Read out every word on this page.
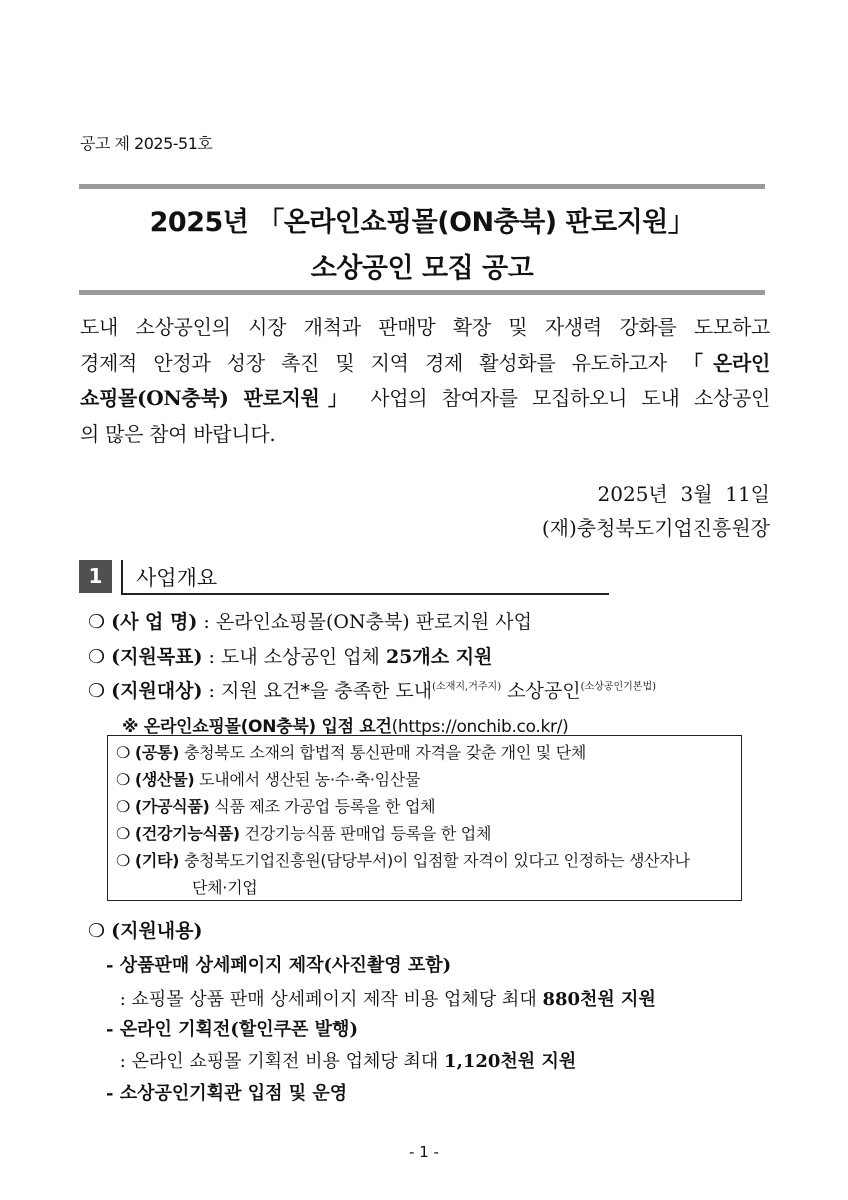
공고 제 2025-51호
2025년 「온라인쇼핑몰(ON충북) 판로지원」
소상공인 모집 공고
도내 소상공인의 시장 개척과 판매망 확장 및 자생력 강화를 도모하고
경제적 안정과 성장 촉진 및 지역 경제 활성화를 유도하고자 「온라인
쇼핑몰(ON충북) 판로지원」 사업의 참여자를 모집하오니 도내 소상공인
의 많은 참여 바랍니다.
2025년  3월  11일
(재)충청북도기업진흥원장
1	사업개요
❍ (사 업 명) : 온라인쇼핑몰(ON충북) 판로지원 사업
❍ (지원목표) : 도내 소상공인 업체 25개소 지원
❍ (지원대상) : 지원 요건*을 충족한 도내$^{(소재지,거주지)}$ 소상공인$^{(소상공인기본법)}$
※ 온라인쇼핑몰(ON충북) 입점 요건(https://onchib.co.kr/)
❍ (공통) 충청북도 소재의 합법적 통신판매 자격을 갖춘 개인 및 단체
❍ (생산물) 도내에서 생산된 농·수·축·임산물
❍ (가공식품) 식품 제조 가공업 등록을 한 업체
❍ (건강기능식품) 건강기능식품 판매업 등록을 한 업체
❍ (기타) 충청북도기업진흥원(담당부서)이 입점할 자격이 있다고 인정하는 생산자나
단체·기업
❍ (지원내용)
- 상품판매 상세페이지 제작(사진촬영 포함)
: 쇼핑몰 상품 판매 상세페이지 제작 비용 업체당 최대 880천원 지원
- 온라인 기획전(할인쿠폰 발행)
: 온라인 쇼핑몰 기획전 비용 업체당 최대 1,120천원 지원
- 소상공인기획관 입점 및 운영
- 1 -
